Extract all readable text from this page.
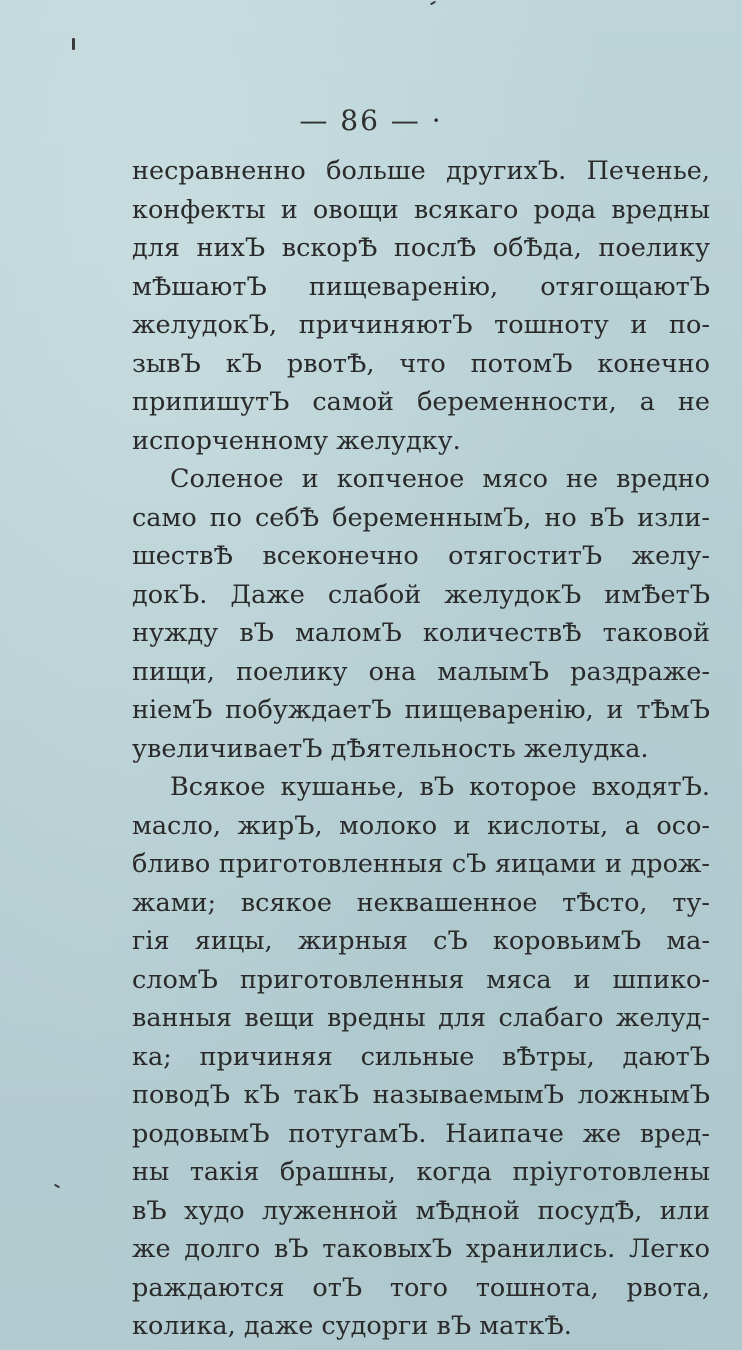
— 86 — ·
несравненно больше другихЪ. Печенье,
конфекты и овощи всякаго рода вредны
для нихЪ вскорѢ послѢ обѢда, поелику
мѢшаютЪ пищеваренію, отягощаютЪ
желудокЪ, причиняютЪ тошноту и по-
зывЪ кЪ рвотѢ, что потомЪ конечно
припишутЪ самой беременности, а не
испорченному желудку.
Соленое и копченое мясо не вредно
само по себѢ беременнымЪ, но вЪ изли-
шествѢ всеконечно отягоститЪ желу-
докЪ. Даже слабой желудокЪ имѢетЪ
нужду вЪ маломЪ количествѢ таковой
пищи, поелику она малымЪ раздраже-
ніемЪ побуждаетЪ пищеваренію, и тѢмЪ
увеличиваетЪ дѢятельность желудка.
Всякое кушанье, вЪ которое входятЪ.
масло, жирЪ, молоко и кислоты, а осо-
бливо приготовленныя сЪ яицами и дрож-
жами; всякое неквашенное тѢсто, ту-
гія яицы, жирныя сЪ коровьимЪ ма-
сломЪ приготовленныя мяса и шпико-
ванныя вещи вредны для слабаго желуд-
ка; причиняя сильные вѢтры, даютЪ
поводЪ кЪ такЪ называемымЪ ложнымЪ
родовымЪ потугамЪ. Наипаче же вред-
ны такія брашны, когда пріуготовлены
вЪ худо луженной мѢдной посудѢ, или
же долго вЪ таковыхЪ хранились. Легко
раждаются отЪ того тошнота, рвота,
колика, даже судорги вЪ маткѢ.
